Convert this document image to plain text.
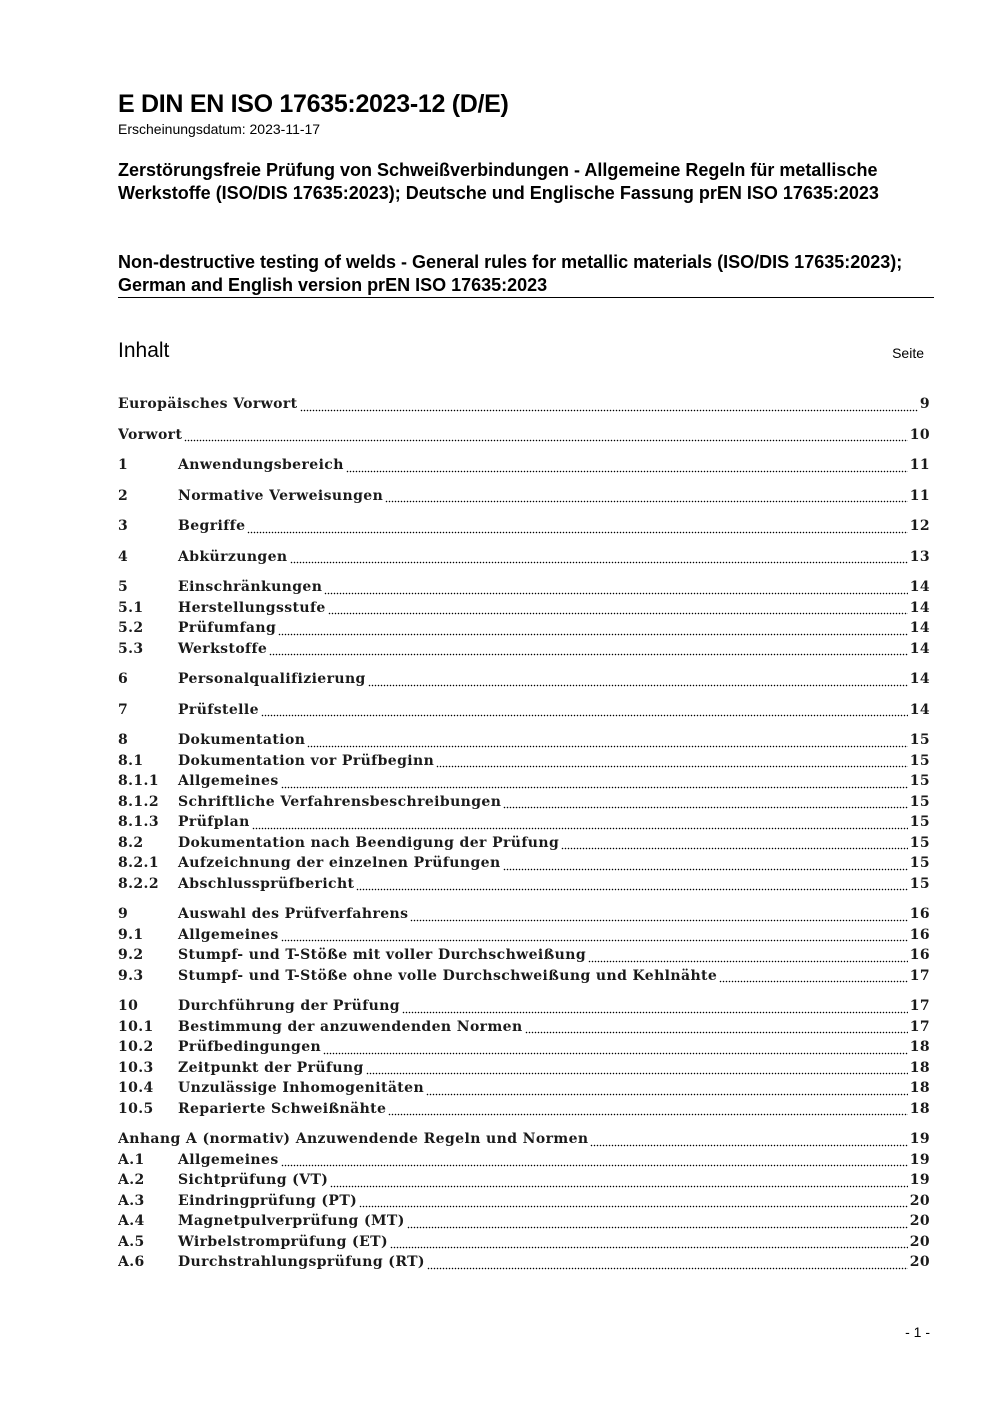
E DIN EN ISO 17635:2023-12 (D/E)
Erscheinungsdatum: 2023-11-17
Zerstörungsfreie Prüfung von Schweißverbindungen - Allgemeine Regeln für metallische Werkstoffe (ISO/DIS 17635:2023); Deutsche und Englische Fassung prEN ISO 17635:2023
Non-destructive testing of welds - General rules for metallic materials (ISO/DIS 17635:2023); German and English version prEN ISO 17635:2023
Inhalt	Seite
Europäisches Vorwort	9
Vorwort	10
1	Anwendungsbereich	11
2	Normative Verweisungen	11
3	Begriffe	12
4	Abkürzungen	13
5	Einschränkungen	14
5.1	Herstellungsstufe	14
5.2	Prüfumfang	14
5.3	Werkstoffe	14
6	Personalqualifizierung	14
7	Prüfstelle	14
8	Dokumentation	15
8.1	Dokumentation vor Prüfbeginn	15
8.1.1	Allgemeines	15
8.1.2	Schriftliche Verfahrensbeschreibungen	15
8.1.3	Prüfplan	15
8.2	Dokumentation nach Beendigung der Prüfung	15
8.2.1	Aufzeichnung der einzelnen Prüfungen	15
8.2.2	Abschlussprüfbericht	15
9	Auswahl des Prüfverfahrens	16
9.1	Allgemeines	16
9.2	Stumpf- und T-Stöße mit voller Durchschweißung	16
9.3	Stumpf- und T-Stöße ohne volle Durchschweißung und Kehlnähte	17
10	Durchführung der Prüfung	17
10.1	Bestimmung der anzuwendenden Normen	17
10.2	Prüfbedingungen	18
10.3	Zeitpunkt der Prüfung	18
10.4	Unzulässige Inhomogenitäten	18
10.5	Reparierte Schweißnähte	18
Anhang A (normativ) Anzuwendende Regeln und Normen	19
A.1	Allgemeines	19
A.2	Sichtprüfung (VT)	19
A.3	Eindringprüfung (PT)	20
A.4	Magnetpulverprüfung (MT)	20
A.5	Wirbelstromprüfung (ET)	20
A.6	Durchstrahlungsprüfung (RT)	20
- 1 -
